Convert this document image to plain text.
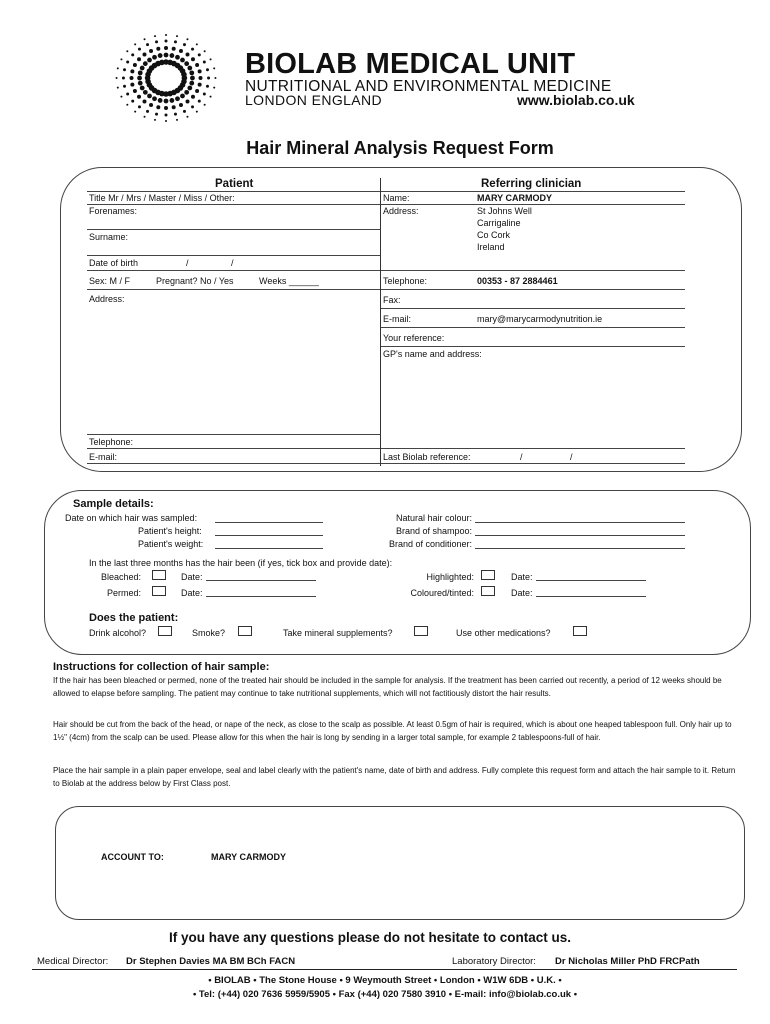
BIOLAB MEDICAL UNIT
NUTRITIONAL AND ENVIRONMENTAL MEDICINE
LONDON ENGLAND	www.biolab.co.uk
Hair Mineral Analysis Request Form
Patient	Referring clinician
Title Mr / Mrs / Master / Miss / Other:
Forenames:
Surname:
Date of birth	/	/
Sex: M / F	Pregnant? No / Yes	Weeks ______
Address:
Telephone:
E-mail:
Name:	MARY CARMODY
Address:	St Johns Well
Carrigaline
Co Cork
Ireland
Telephone:	00353 - 87 2884461
Fax:
E-mail:	mary@marycarmodynutrition.ie
Your reference:
GP's name and address:
Last Biolab reference:	/	/
Sample details:
Date on which hair was sampled:
Patient's height:
Patient's weight:
Natural hair colour:
Brand of shampoo:
Brand of conditioner:
In the last three months has the hair been (if yes, tick box and provide date):
Bleached:	Date:
Permed:	Date:
Highlighted:	Date:
Coloured/tinted:	Date:
Does the patient:
Drink alcohol?	Smoke?	Take mineral supplements?	Use other medications?
Instructions for collection of hair sample:
If the hair has been bleached or permed, none of the treated hair should be included in the sample for analysis. If the treatment has been carried out recently, a period of 12 weeks should be allowed to elapse before sampling. The patient may continue to take nutritional supplements, which will not factitiously distort the hair results.
Hair should be cut from the back of the head, or nape of the neck, as close to the scalp as possible. At least 0.5gm of hair is required, which is about one heaped tablespoon full. Only hair up to 1½" (4cm) from the scalp can be used. Please allow for this when the hair is long by sending in a larger total sample, for example 2 tablespoons-full of hair.
Place the hair sample in a plain paper envelope, seal and label clearly with the patient's name, date of birth and address. Fully complete this request form and attach the hair sample to it. Return to Biolab at the address below by First Class post.
ACCOUNT TO:	MARY CARMODY
If you have any questions please do not hesitate to contact us.
Medical Director: Dr Stephen Davies MA BM BCh FACN	Laboratory Director: Dr Nicholas Miller PhD FRCPath
• BIOLAB • The Stone House • 9 Weymouth Street • London • W1W 6DB • U.K. •
• Tel: (+44) 020 7636 5959/5905 • Fax (+44) 020 7580 3910 • E-mail: info@biolab.co.uk •
